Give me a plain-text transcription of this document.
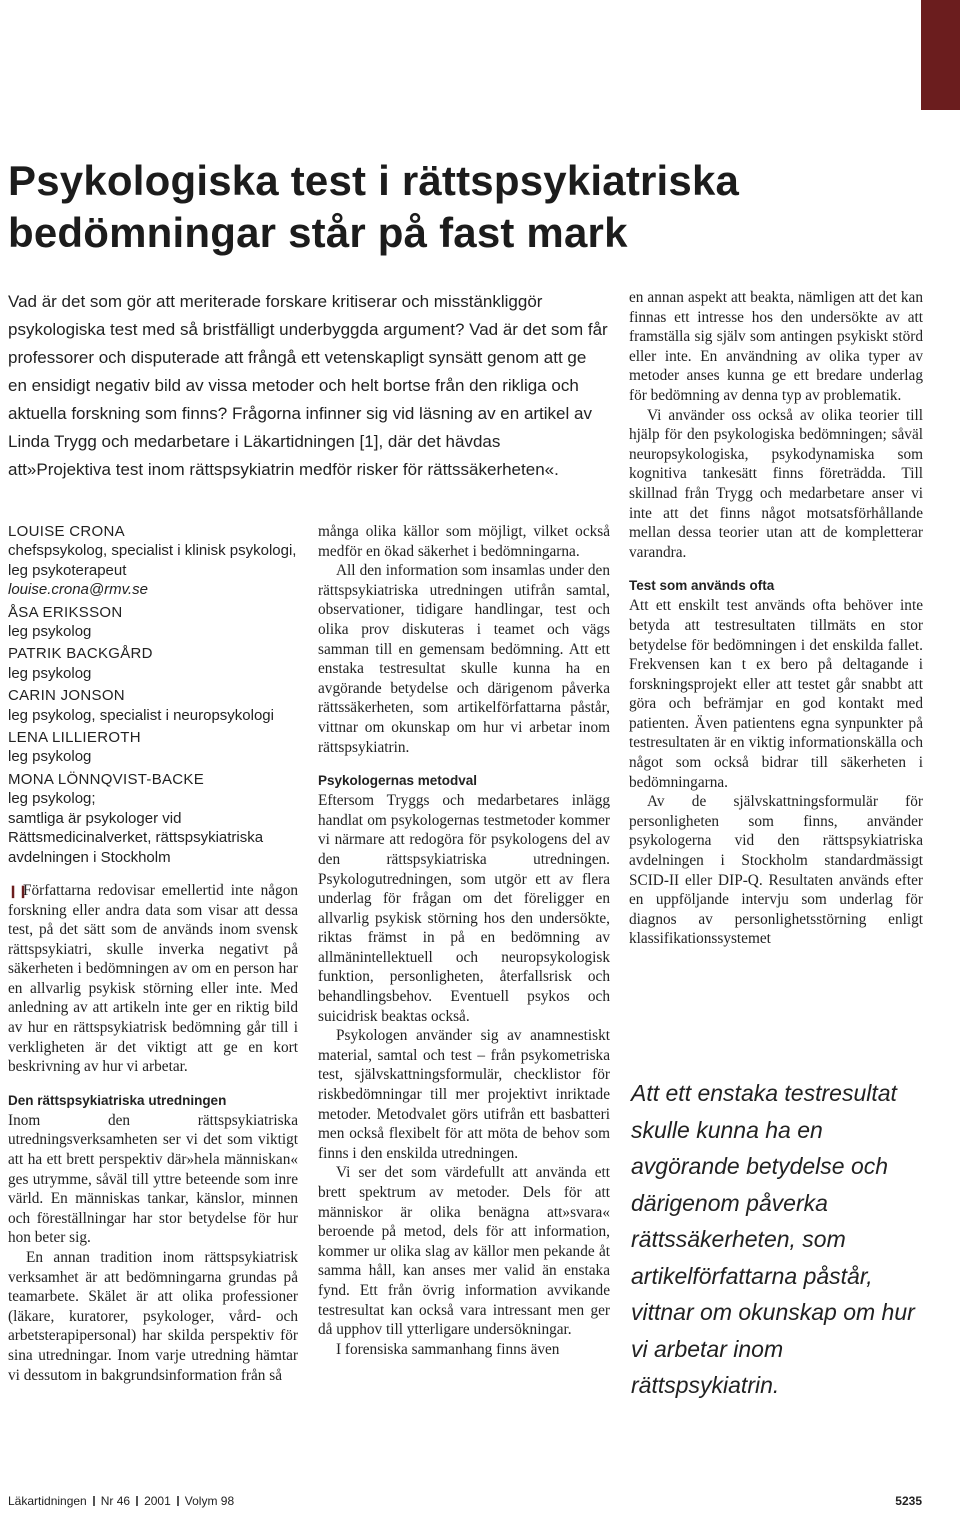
Psykologiska test i rättspsykiatriska bedömningar står på fast mark

Vad är det som gör att meriterade forskare kritiserar och misstänkliggör psykologiska test med så bristfälligt underbyggda argument? Vad är det som får professorer och disputerade att frångå ett vetenskapligt synsätt genom att ge en ensidigt negativ bild av vissa metoder och helt bortse från den rikliga och aktuella forskning som finns? Frågorna infinner sig vid läsning av en artikel av Linda Trygg och medarbetare i Läkartidningen [1], där det hävdas att»Projektiva test inom rättspsykiatrin medför risker för rättssäkerheten«.

LOUISE CRONA
chefspsykolog, specialist i klinisk psykologi, leg psykoterapeut
louise.crona@rmv.se
ÅSA ERIKSSON
leg psykolog
PATRIK BACKGÅRD
leg psykolog
CARIN JONSON
leg psykolog, specialist i neuropsykologi
LENA LILLIEROTH
leg psykolog
MONA LÖNNQVIST-BACKE
leg psykolog;
samtliga är psykologer vid Rättsmedicinalverket, rättspsykiatriska avdelningen i Stockholm

❙❙Författarna redovisar emellertid inte någon forskning eller andra data som visar att dessa test, på det sätt som de används inom svensk rättspsykiatri, skulle inverka negativt på säkerheten i bedömningen av om en person har en allvarlig psykisk störning eller inte. Med anledning av att artikeln inte ger en riktig bild av hur en rättspsykiatrisk bedömning går till i verkligheten är det viktigt att ge en kort beskrivning av hur vi arbetar.

Den rättspsykiatriska utredningen

Inom den rättspsykiatriska utredningsverksamheten ser vi det som viktigt att ha ett brett perspektiv där»hela människan« ges utrymme, såväl till yttre beteende som inre värld. En människas tankar, känslor, minnen och föreställningar har stor betydelse för hur hon beter sig.

En annan tradition inom rättspsykiatrisk verksamhet är att bedömningarna grundas på teamarbete. Skälet är att olika professioner (läkare, kuratorer, psykologer, vård- och arbetsterapipersonal) har skilda perspektiv för sina utredningar. Inom varje utredning hämtar vi dessutom in bakgrundsinformation från så

många olika källor som möjligt, vilket också medför en ökad säkerhet i bedömningarna.

All den information som insamlas under den rättspsykiatriska utredningen utifrån samtal, observationer, tidigare handlingar, test och olika prov diskuteras i teamet och vägs samman till en gemensam bedömning. Att ett enstaka testresultat skulle kunna ha en avgörande betydelse och därigenom påverka rättssäkerheten, som artikelförfattarna påstår, vittnar om okunskap om hur vi arbetar inom rättspsykiatrin.

Psykologernas metodval

Eftersom Tryggs och medarbetares inlägg handlat om psykologernas testmetoder kommer vi närmare att redogöra för psykologens del av den rättspsykiatriska utredningen. Psykologutredningen, som utgör ett av flera underlag för frågan om det föreligger en allvarlig psykisk störning hos den undersökte, riktas främst in på en bedömning av allmänintellektuell och neuropsykologisk funktion, personligheten, återfallsrisk och behandlingsbehov. Eventuell psykos och suicidrisk beaktas också.

Psykologen använder sig av anamnestiskt material, samtal och test – från psykometriska test, självskattningsformulär, checklistor för riskbedömningar till mer projektivt inriktade metoder. Metodvalet görs utifrån ett basbatteri men också flexibelt för att möta de behov som finns i den enskilda utredningen.

Vi ser det som värdefullt att använda ett brett spektrum av metoder. Dels för att människor är olika benägna att»svara« beroende på metod, dels för att information, kommer ur olika slag av källor men pekande åt samma håll, kan anses mer valid än enstaka fynd. Ett från övrig information avvikande testresultat kan också vara intressant men ger då upphov till ytterligare undersökningar.

I forensiska sammanhang finns även

en annan aspekt att beakta, nämligen att det kan finnas ett intresse hos den undersökte av att framställa sig själv som antingen psykiskt störd eller inte. En användning av olika typer av metoder anses kunna ge ett bredare underlag för bedömning av denna typ av problematik.

Vi använder oss också av olika teorier till hjälp för den psykologiska bedömningen; såväl neuropsykologiska, psykodynamiska som kognitiva tankesätt finns företrädda. Till skillnad från Trygg och medarbetare anser vi inte att det finns något motsatsförhållande mellan dessa teorier utan att de kompletterar varandra.

Test som används ofta

Att ett enskilt test används ofta behöver inte betyda att testresultaten tillmäts en stor betydelse för bedömningen i det enskilda fallet. Frekvensen kan t ex bero på deltagande i forskningsprojekt eller att testet går snabbt att göra och befrämjar en god kontakt med patienten. Även patientens egna synpunkter på testresultaten är en viktig informationskälla och något som också bidrar till säkerheten i bedömningarna.

Av de självskattningsformulär för personligheten som finns, använder psykologerna vid den rättspsykiatriska avdelningen i Stockholm standardmässigt SCID-II eller DIP-Q. Resultaten används efter en uppföljande intervju som underlag för diagnos av personlighetsstörning enligt klassifikationssystemet

Att ett enstaka testresultat skulle kunna ha en avgörande betydelse och därigenom påverka rättssäkerheten, som artikelförfattarna påstår, vittnar om okunskap om hur vi arbetar inom rättspsykiatrin.

Läkartidningen Nr 46 2001 Volym 98	5235
